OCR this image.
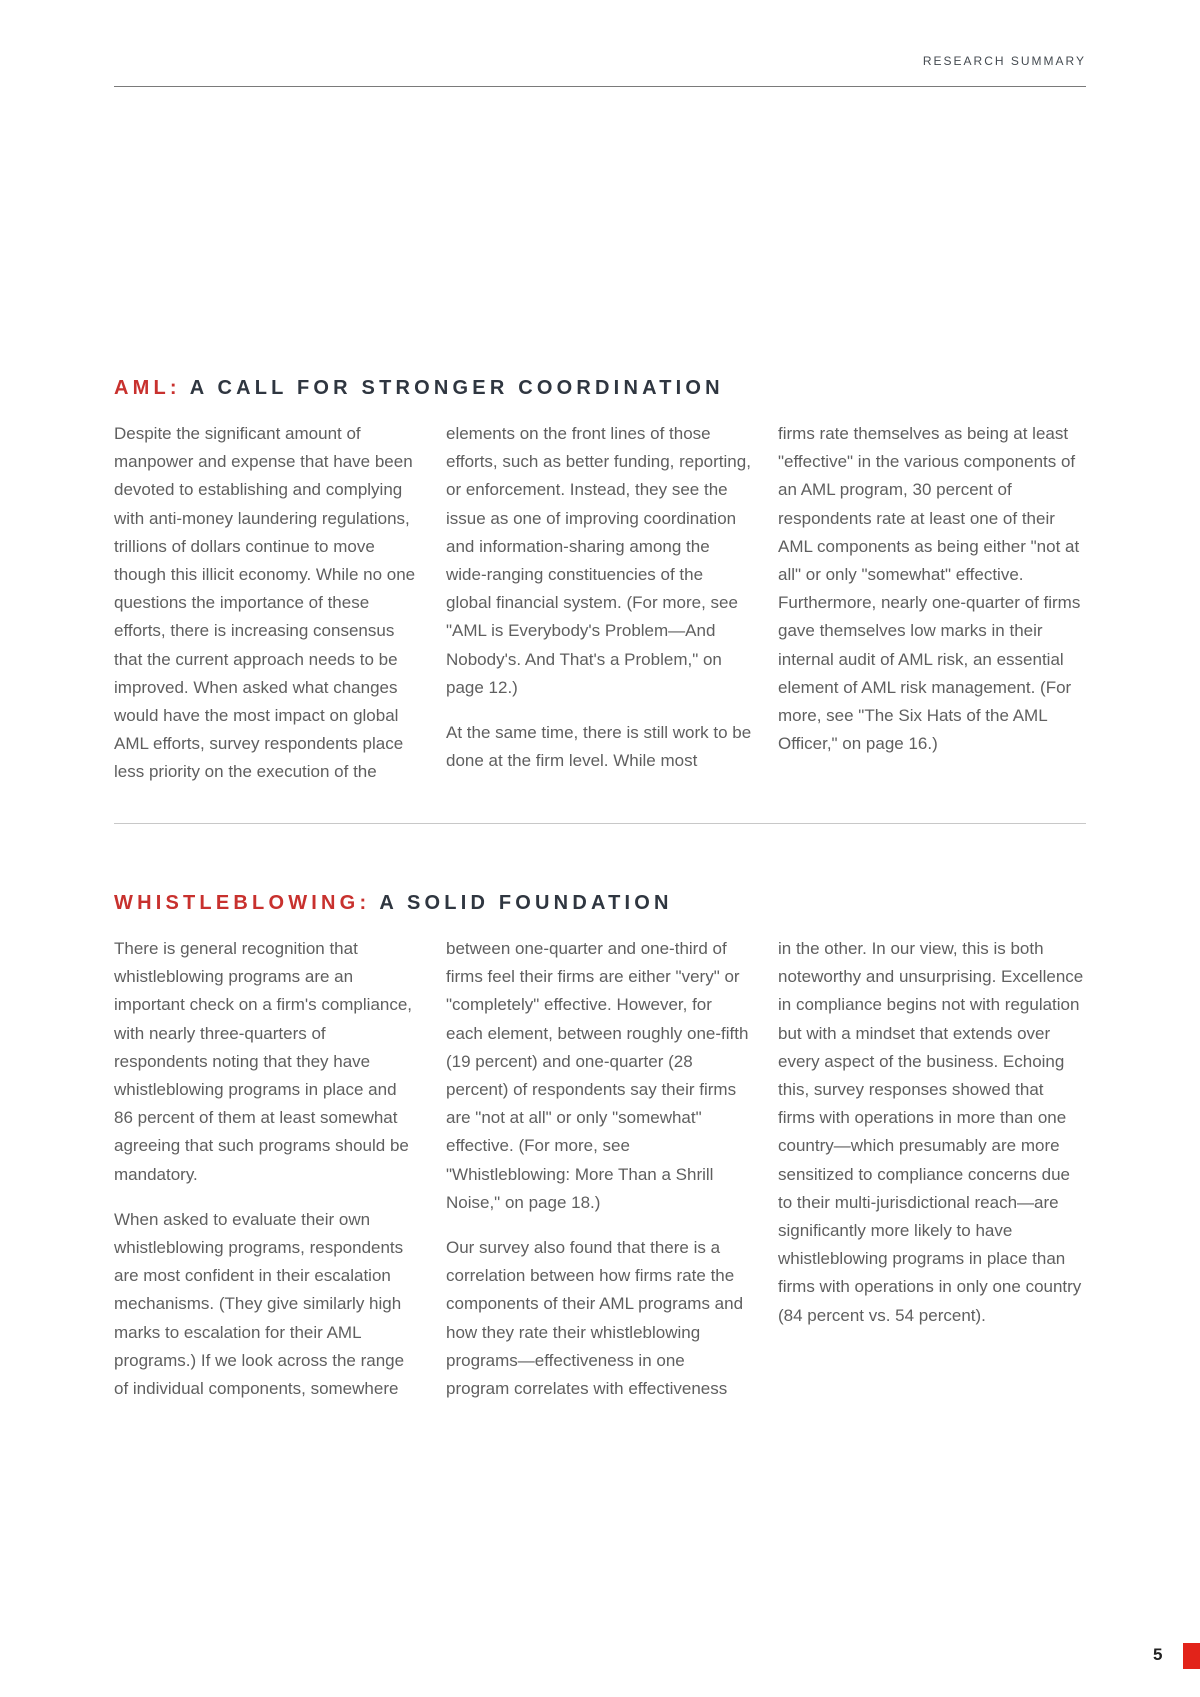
RESEARCH SUMMARY
AML: A CALL FOR STRONGER COORDINATION

Despite the significant amount of manpower and expense that have been devoted to establishing and complying with anti-money laundering regulations, trillions of dollars continue to move though this illicit economy. While no one questions the importance of these efforts, there is increasing consensus that the current approach needs to be improved. When asked what changes would have the most impact on global AML efforts, survey respondents place less priority on the execution of the

elements on the front lines of those efforts, such as better funding, reporting, or enforcement. Instead, they see the issue as one of improving coordination and information-sharing among the wide-ranging constituencies of the global financial system. (For more, see "AML is Everybody's Problem—And Nobody's. And That's a Problem," on page 12.)

At the same time, there is still work to be done at the firm level. While most

firms rate themselves as being at least "effective" in the various components of an AML program, 30 percent of respondents rate at least one of their AML components as being either "not at all" or only "somewhat" effective. Furthermore, nearly one-quarter of firms gave themselves low marks in their internal audit of AML risk, an essential element of AML risk management. (For more, see "The Six Hats of the AML Officer," on page 16.)

WHISTLEBLOWING: A SOLID FOUNDATION

There is general recognition that whistleblowing programs are an important check on a firm's compliance, with nearly three-quarters of respondents noting that they have whistleblowing programs in place and 86 percent of them at least somewhat agreeing that such programs should be mandatory.

When asked to evaluate their own whistleblowing programs, respondents are most confident in their escalation mechanisms. (They give similarly high marks to escalation for their AML programs.) If we look across the range of individual components, somewhere

between one-quarter and one-third of firms feel their firms are either "very" or "completely" effective. However, for each element, between roughly one-fifth (19 percent) and one-quarter (28 percent) of respondents say their firms are "not at all" or only "somewhat" effective. (For more, see "Whistleblowing: More Than a Shrill Noise," on page 18.)

Our survey also found that there is a correlation between how firms rate the components of their AML programs and how they rate their whistleblowing programs—effectiveness in one program correlates with effectiveness

in the other. In our view, this is both noteworthy and unsurprising. Excellence in compliance begins not with regulation but with a mindset that extends over every aspect of the business. Echoing this, survey responses showed that firms with operations in more than one country—which presumably are more sensitized to compliance concerns due to their multi-jurisdictional reach—are significantly more likely to have whistleblowing programs in place than firms with operations in only one country (84 percent vs. 54 percent).

5
